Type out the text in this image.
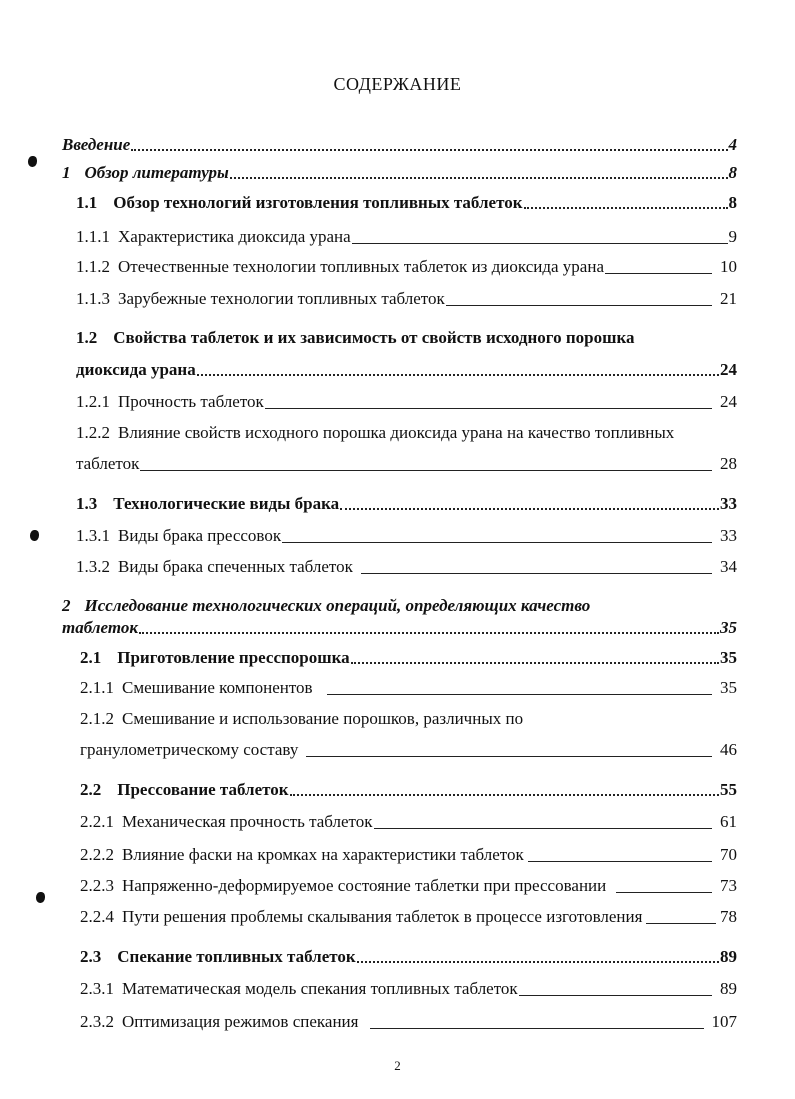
СОДЕРЖАНИЕ
Введение	4
1 Обзор литературы	8
1.1 Обзор технологий изготовления топливных таблеток	8
1.1.1 Характеристика диоксида урана	9
1.1.2 Отечественные технологии топливных таблеток из диоксида урана	10
1.1.3 Зарубежные технологии топливных таблеток	21
1.2 Свойства таблеток и их зависимость от свойств исходного порошка
диоксида урана	24
1.2.1 Прочность таблеток	24
1.2.2 Влияние свойств исходного порошка диоксида урана на качество топливных
таблеток	28
1.3 Технологические виды брака	33
1.3.1 Виды брака прессовок	33
1.3.2 Виды брака спеченных таблеток	34
2 Исследование технологических операций, определяющих качество
таблеток	35
2.1 Приготовление пресспорошка	35
2.1.1 Смешивание компонентов	35
2.1.2 Смешивание и использование порошков, различных по
гранулометрическому составу	46
2.2 Прессование таблеток	55
2.2.1 Механическая прочность таблеток	61
2.2.2 Влияние фаски на кромках на характеристики таблеток	70
2.2.3 Напряженно-деформируемое состояние таблетки при прессовании	73
2.2.4 Пути решения проблемы скалывания таблеток в процессе изготовления	78
2.3 Спекание топливных таблеток	89
2.3.1 Математическая модель спекания топливных таблеток	89
2.3.2 Оптимизация режимов спекания	107
2
